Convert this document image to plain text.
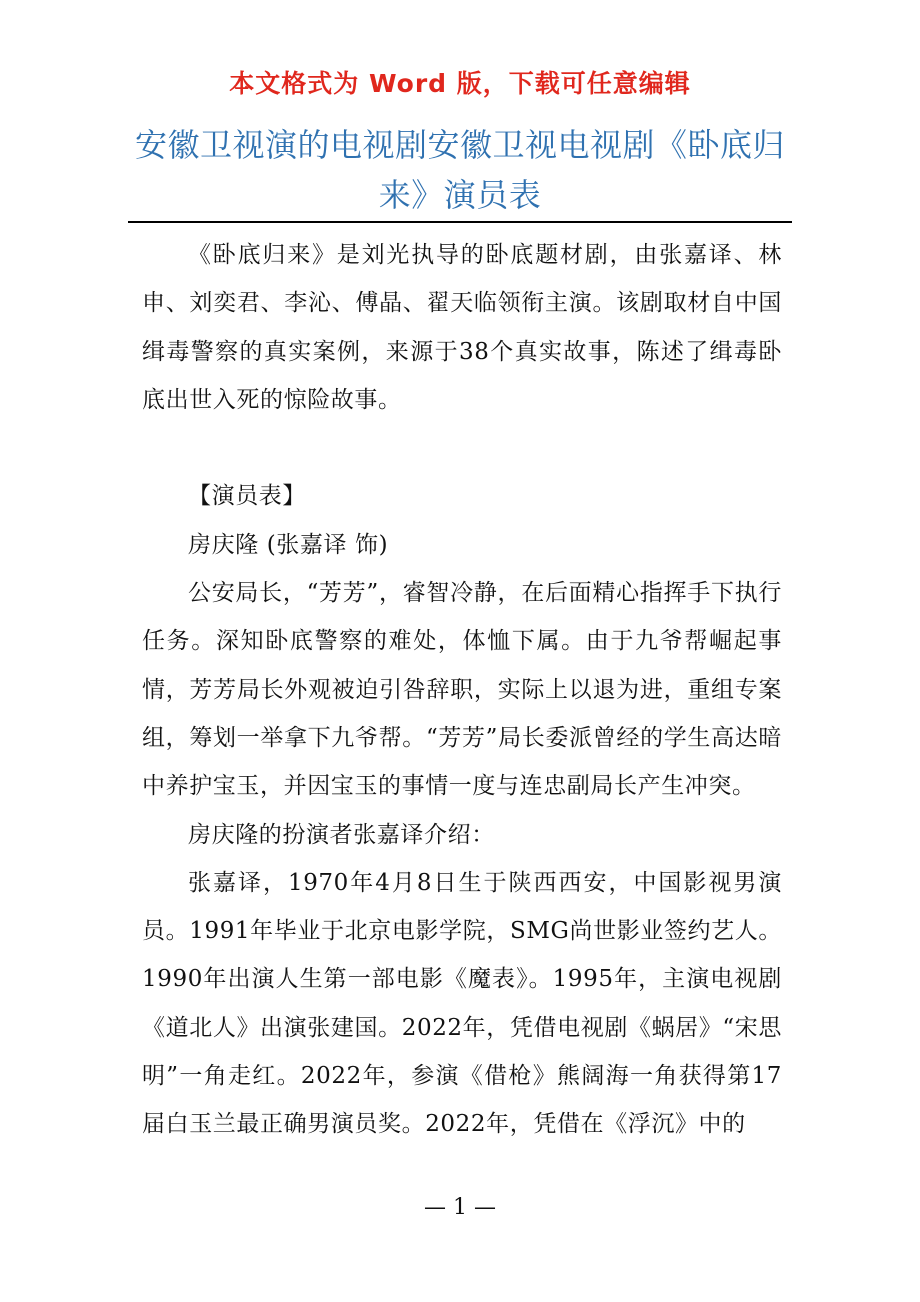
本文格式为 Word 版，下载可任意编辑
安徽卫视演的电视剧安徽卫视电视剧《卧底归来》演员表

《卧底归来》是刘光执导的卧底题材剧，由张嘉译、林申、刘奕君、李沁、傅晶、翟天临领衔主演。该剧取材自中国缉毒警察的真实案例，来源于38个真实故事，陈述了缉毒卧底出世入死的惊险故事。

【演员表】

房庆隆 (张嘉译 饰)

公安局长，“芳芳”，睿智冷静，在后面精心指挥手下执行任务。深知卧底警察的难处，体恤下属。由于九爷帮崛起事情，芳芳局长外观被迫引咎辞职，实际上以退为进，重组专案组，筹划一举拿下九爷帮。“芳芳”局长委派曾经的学生高达暗中养护宝玉，并因宝玉的事情一度与连忠副局长产生冲突。

房庆隆的扮演者张嘉译介绍：

张嘉译，1970年4月8日生于陕西西安，中国影视男演员。1991年毕业于北京电影学院，SMG尚世影业签约艺人。1990年出演人生第一部电影《魔表》。1995年，主演电视剧《道北人》出演张建国。2022年，凭借电视剧《蜗居》“宋思明”一角走红。2022年，参演《借枪》熊阔海一角获得第17届白玉兰最正确男演员奖。2022年，凭借在《浮沉》中的

— 1 —
